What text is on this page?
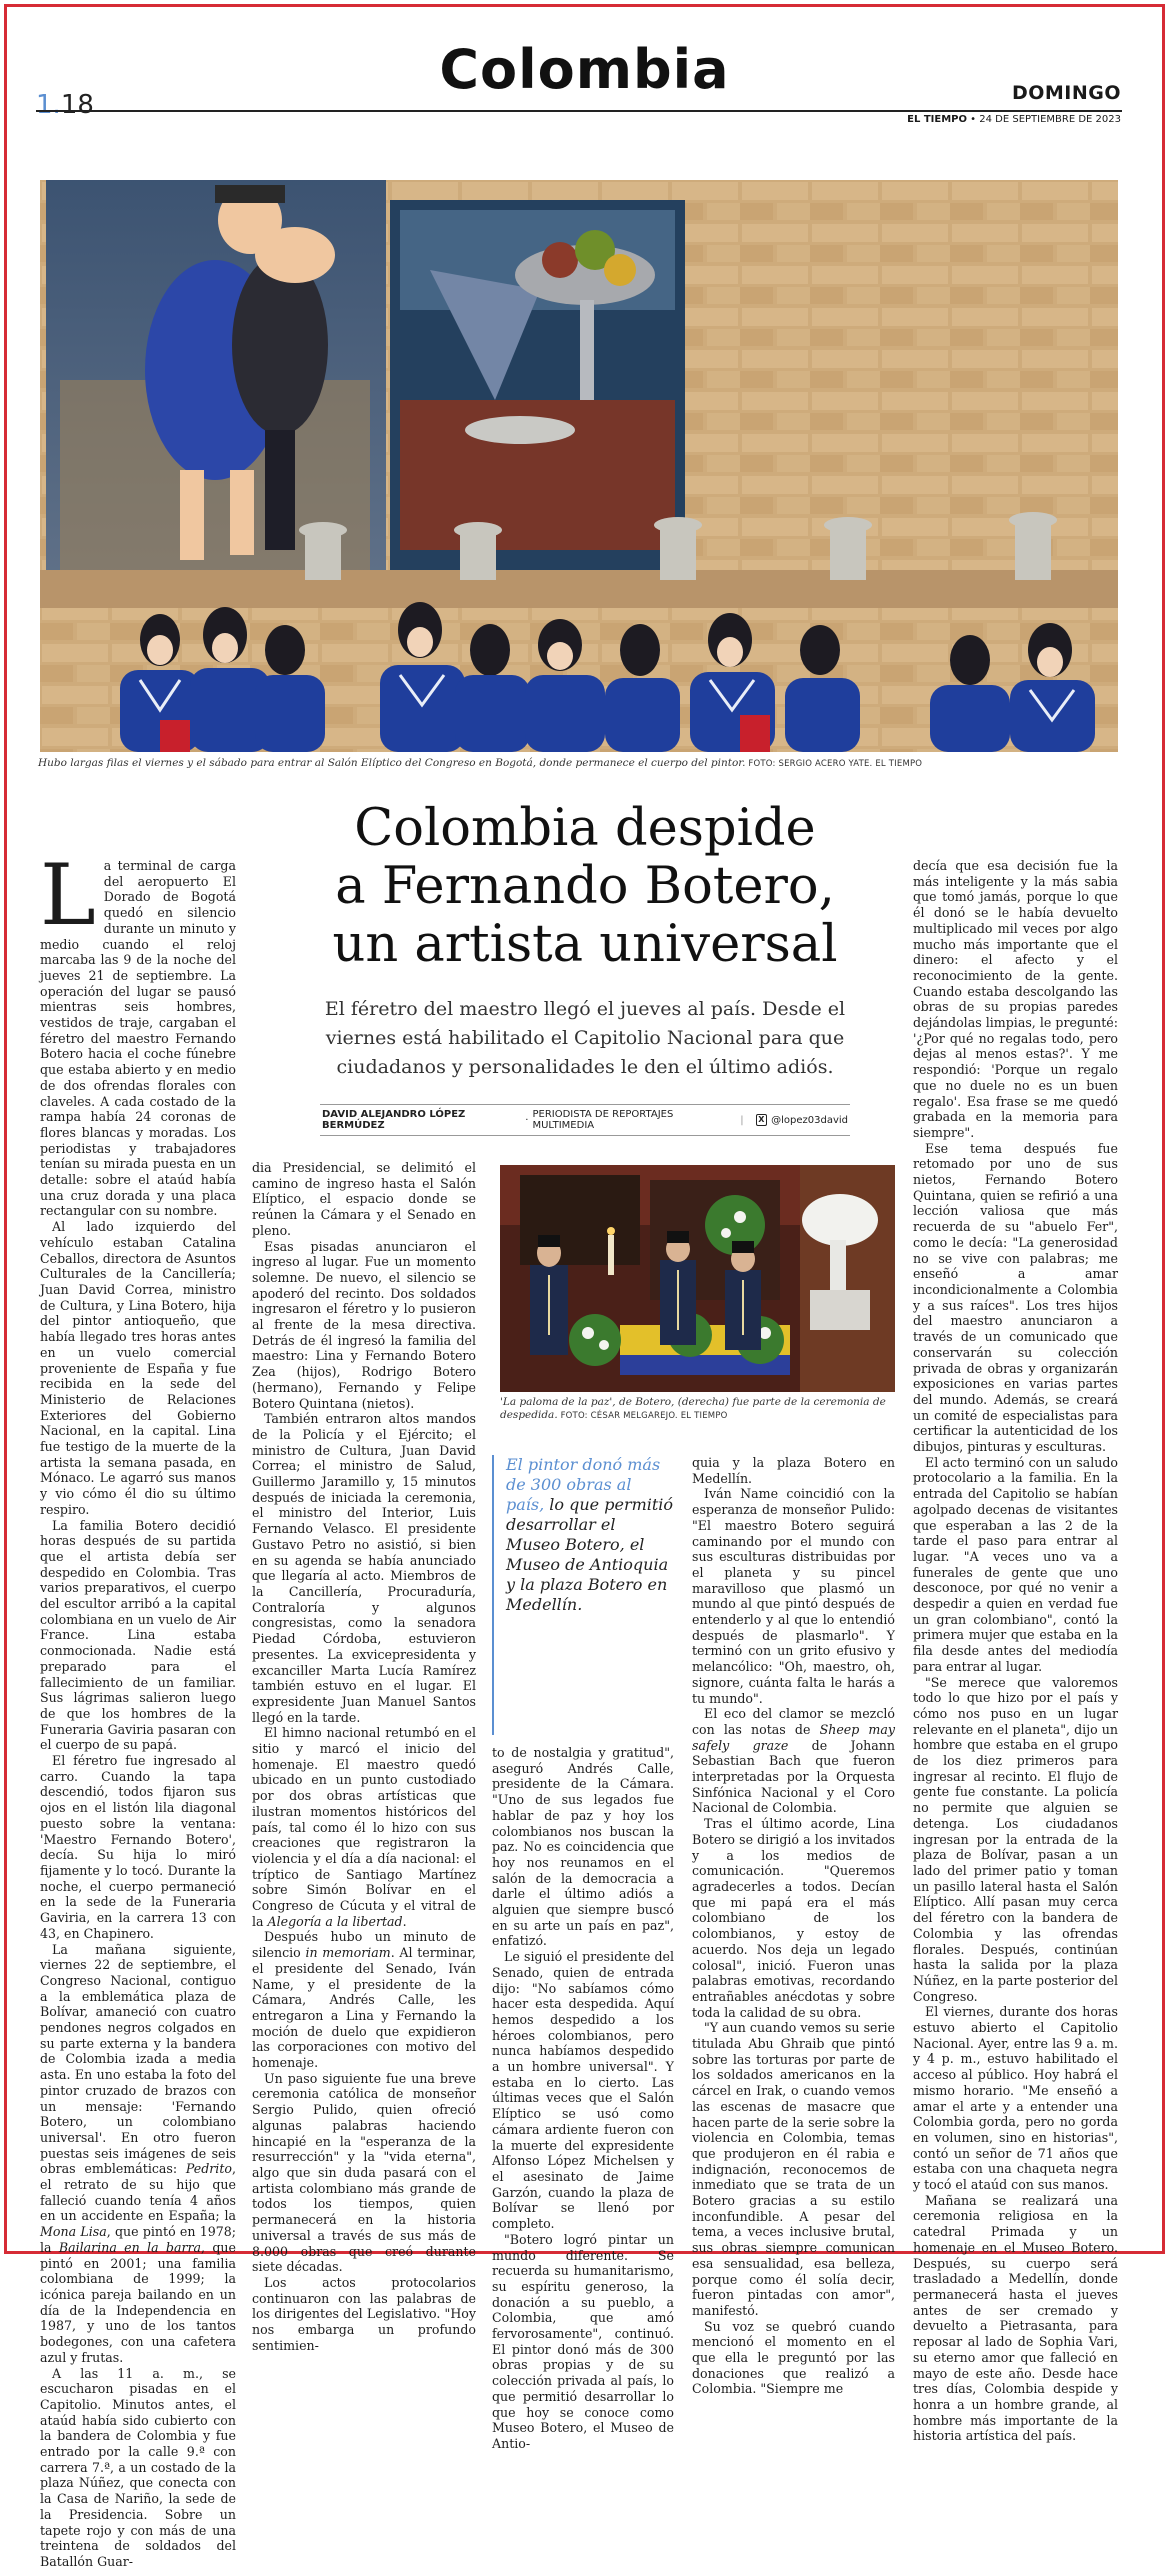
Colombia
1.18	DOMINGO
EL TIEMPO • 24 DE SEPTIEMBRE DE 2023
Hubo largas filas el viernes y el sábado para entrar al Salón Elíptico del Congreso en Bogotá, donde permanece el cuerpo del pintor. FOTO: SERGIO ACERO YATE. EL TIEMPO
Colombia despide
a Fernando Botero,
un artista universal
El féretro del maestro llegó el jueves al país. Desde el viernes está habilitado el Capitolio Nacional para que ciudadanos y personalidades le den el último adiós.
DAVID ALEJANDRO LÓPEZ BERMÚDEZ	· PERIODISTA DE REPORTAJES MULTIMEDIA	|	X @lopez03david

La terminal de carga del aeropuerto El Dorado de Bogotá quedó en silencio durante un minuto y medio cuando el reloj marcaba las 9 de la noche del jueves 21 de septiembre. La operación del lugar se pausó mientras seis hombres, vestidos de traje, cargaban el féretro del maestro Fernando Botero hacia el coche fúnebre que estaba abierto y en medio de dos ofrendas florales con claveles. A cada costado de la rampa había 24 coronas de flores blancas y moradas. Los periodistas y trabajadores tenían su mirada puesta en un detalle: sobre el ataúd había una cruz dorada y una placa rectangular con su nombre.

Al lado izquierdo del vehículo estaban Catalina Ceballos, directora de Asuntos Culturales de la Cancillería; Juan David Correa, ministro de Cultura, y Lina Botero, hija del pintor antioqueño, que había llegado tres horas antes en un vuelo comercial proveniente de España y fue recibida en la sede del Ministerio de Relaciones Exteriores del Gobierno Nacional, en la capital. Lina fue testigo de la muerte de la artista la semana pasada, en Mónaco. Le agarró sus manos y vio cómo él dio su último respiro.

La familia Botero decidió horas después de su partida que el artista debía ser despedido en Colombia. Tras varios preparativos, el cuerpo del escultor arribó a la capital colombiana en un vuelo de Air France. Lina estaba conmocionada. Nadie está preparado para el fallecimiento de un familiar. Sus lágrimas salieron luego de que los hombres de la Funeraria Gaviria pasaran con el cuerpo de su papá.

El féretro fue ingresado al carro. Cuando la tapa descendió, todos fijaron sus ojos en el listón lila diagonal puesto sobre la ventana: 'Maestro Fernando Botero', decía. Su hija lo miró fijamente y lo tocó. Durante la noche, el cuerpo permaneció en la sede de la Funeraria Gaviria, en la carrera 13 con 43, en Chapinero.

La mañana siguiente, viernes 22 de septiembre, el Congreso Nacional, contiguo a la emblemática plaza de Bolívar, amaneció con cuatro pendones negros colgados en su parte externa y la bandera de Colombia izada a media asta. En uno estaba la foto del pintor cruzado de brazos con un mensaje: 'Fernando Botero, un colombiano universal'. En otro fueron puestas seis imágenes de seis obras emblemáticas: Pedrito, el retrato de su hijo que falleció cuando tenía 4 años en un accidente en España; la Mona Lisa, que pintó en 1978; la Bailarina en la barra, que pintó en 2001; una familia colombiana de 1999; la icónica pareja bailando en un día de la Independencia en 1987, y uno de los tantos bodegones, con una cafetera azul y frutas.

A las 11 a. m., se escucharon pisadas en el Capitolio. Minutos antes, el ataúd había sido cubierto con la bandera de Colombia y fue entrado por la calle 9.ª con carrera 7.ª, a un costado de la plaza Núñez, que conecta con la Casa de Nariño, la sede de la Presidencia. Sobre un tapete rojo y con más de una treintena de soldados del Batallón Guar-

dia Presidencial, se delimitó el camino de ingreso hasta el Salón Elíptico, el espacio donde se reúnen la Cámara y el Senado en pleno.

Esas pisadas anunciaron el ingreso al lugar. Fue un momento solemne. De nuevo, el silencio se apoderó del recinto. Dos soldados ingresaron el féretro y lo pusieron al frente de la mesa directiva. Detrás de él ingresó la familia del maestro: Lina y Fernando Botero Zea (hijos), Rodrigo Botero (hermano), Fernando y Felipe Botero Quintana (nietos).

También entraron altos mandos de la Policía y el Ejército; el ministro de Cultura, Juan David Correa; el ministro de Salud, Guillermo Jaramillo y, 15 minutos después de iniciada la ceremonia, el ministro del Interior, Luis Fernando Velasco. El presidente Gustavo Petro no asistió, si bien en su agenda se había anunciado que llegaría al acto. Miembros de la Cancillería, Procuraduría, Contraloría y algunos congresistas, como la senadora Piedad Córdoba, estuvieron presentes. La exvicepresidenta y excanciller Marta Lucía Ramírez también estuvo en el lugar. El expresidente Juan Manuel Santos llegó en la tarde.

El himno nacional retumbó en el sitio y marcó el inicio del homenaje. El maestro quedó ubicado en un punto custodiado por dos obras artísticas que ilustran momentos históricos del país, tal como él lo hizo con sus creaciones que registraron la violencia y el día a día nacional: el tríptico de Santiago Martínez sobre Simón Bolívar en el Congreso de Cúcuta y el vitral de la Alegoría a la libertad.

Después hubo un minuto de silencio in memoriam. Al terminar, el presidente del Senado, Iván Name, y el presidente de la Cámara, Andrés Calle, les entregaron a Lina y Fernando la moción de duelo que expidieron las corporaciones con motivo del homenaje.

Un paso siguiente fue una breve ceremonia católica de monseñor Sergio Pulido, quien ofreció algunas palabras haciendo hincapié en la "esperanza de la resurrección" y la "vida eterna", algo que sin duda pasará con el artista colombiano más grande de todos los tiempos, quien permanecerá en la historia universal a través de sus más de 8.000 obras que creó durante siete décadas.

Los actos protocolarios continuaron con las palabras de los dirigentes del Legislativo. "Hoy nos embarga un profundo sentimien-

'La paloma de la paz', de Botero, (derecha) fue parte de la ceremonia de despedida. FOTO: CÉSAR MELGAREJO. EL TIEMPO
El pintor donó más de 300 obras al país, lo que permitió desarrollar el Museo Botero, el Museo de Antioquia y la plaza Botero en Medellín.

to de nostalgia y gratitud", aseguró Andrés Calle, presidente de la Cámara. "Uno de sus legados fue hablar de paz y hoy los colombianos nos buscan la paz. No es coincidencia que hoy nos reunamos en el salón de la democracia a darle el último adiós a alguien que siempre buscó en su arte un país en paz", enfatizó.

Le siguió el presidente del Senado, quien de entrada dijo: "No sabíamos cómo hacer esta despedida. Aquí hemos despedido a los héroes colombianos, pero nunca habíamos despedido a un hombre universal". Y estaba en lo cierto. Las últimas veces que el Salón Elíptico se usó como cámara ardiente fueron con la muerte del expresidente Alfonso López Michelsen y el asesinato de Jaime Garzón, cuando la plaza de Bolívar se llenó por completo.

"Botero logró pintar un mundo diferente. Se recuerda su humanitarismo, su espíritu generoso, la donación a su pueblo, a Colombia, que amó fervorosamente", continuó. El pintor donó más de 300 obras propias y de su colección privada al país, lo que permitió desarrollar lo que hoy se conoce como Museo Botero, el Museo de Antio-

quia y la plaza Botero en Medellín.

Iván Name coincidió con la esperanza de monseñor Pulido: "El maestro Botero seguirá caminando por el mundo con sus esculturas distribuidas por el planeta y su pincel maravilloso que plasmó un mundo al que pintó después de entenderlo y al que lo entendió después de plasmarlo". Y terminó con un grito efusivo y melancólico: "Oh, maestro, oh, signore, cuánta falta le harás a tu mundo".

El eco del clamor se mezcló con las notas de Sheep may safely graze de Johann Sebastian Bach que fueron interpretadas por la Orquesta Sinfónica Nacional y el Coro Nacional de Colombia.

Tras el último acorde, Lina Botero se dirigió a los invitados y a los medios de comunicación. "Queremos agradecerles a todos. Decían que mi papá era el más colombiano de los colombianos, y estoy de acuerdo. Nos deja un legado colosal", inició. Fueron unas palabras emotivas, recordando entrañables anécdotas y sobre toda la calidad de su obra.

"Y aun cuando vemos su serie titulada Abu Ghraib que pintó sobre las torturas por parte de los soldados americanos en la cárcel en Irak, o cuando vemos las escenas de masacre que hacen parte de la serie sobre la violencia en Colombia, temas que produjeron en él rabia e indignación, reconocemos de inmediato que se trata de un Botero gracias a su estilo inconfundible. A pesar del tema, a veces inclusive brutal, sus obras siempre comunican esa sensualidad, esa belleza, porque como él solía decir, fueron pintadas con amor", manifestó.

Su voz se quebró cuando mencionó el momento en el que ella le preguntó por las donaciones que realizó a Colombia. "Siempre me

decía que esa decisión fue la más inteligente y la más sabia que tomó jamás, porque lo que él donó se le había devuelto multiplicado mil veces por algo mucho más importante que el dinero: el afecto y el reconocimiento de la gente. Cuando estaba descolgando las obras de su propias paredes dejándolas limpias, le pregunté: '¿Por qué no regalas todo, pero dejas al menos estas?'. Y me respondió: 'Porque un regalo que no duele no es un buen regalo'. Esa frase se me quedó grabada en la memoria para siempre".

Ese tema después fue retomado por uno de sus nietos, Fernando Botero Quintana, quien se refirió a una lección valiosa que más recuerda de su "abuelo Fer", como le decía: "La generosidad no se vive con palabras; me enseñó a amar incondicionalmente a Colombia y a sus raíces". Los tres hijos del maestro anunciaron a través de un comunicado que conservarán su colección privada de obras y organizarán exposiciones en varias partes del mundo. Además, se creará un comité de especialistas para certificar la autenticidad de los dibujos, pinturas y esculturas.

El acto terminó con un saludo protocolario a la familia. En la entrada del Capitolio se habían agolpado decenas de visitantes que esperaban a las 2 de la tarde el paso para entrar al lugar. "A veces uno va a funerales de gente que uno desconoce, por qué no venir a despedir a quien en verdad fue un gran colombiano", contó la primera mujer que estaba en la fila desde antes del mediodía para entrar al lugar.

"Se merece que valoremos todo lo que hizo por el país y cómo nos puso en un lugar relevante en el planeta", dijo un hombre que estaba en el grupo de los diez primeros para ingresar al recinto. El flujo de gente fue constante. La policía no permite que alguien se detenga. Los ciudadanos ingresan por la entrada de la plaza de Bolívar, pasan a un lado del primer patio y toman un pasillo lateral hasta el Salón Elíptico. Allí pasan muy cerca del féretro con la bandera de Colombia y las ofrendas florales. Después, continúan hasta la salida por la plaza Núñez, en la parte posterior del Congreso.

El viernes, durante dos horas estuvo abierto el Capitolio Nacional. Ayer, entre las 9 a. m. y 4 p. m., estuvo habilitado el acceso al público. Hoy habrá el mismo horario. "Me enseñó a amar el arte y a entender una Colombia gorda, pero no gorda en volumen, sino en historias", contó un señor de 71 años que estaba con una chaqueta negra y tocó el ataúd con sus manos.

Mañana se realizará una ceremonia religiosa en la catedral Primada y un homenaje en el Museo Botero. Después, su cuerpo será trasladado a Medellín, donde permanecerá hasta el jueves antes de ser cremado y devuelto a Pietrasanta, para reposar al lado de Sophia Vari, su eterno amor que falleció en mayo de este año. Desde hace tres días, Colombia despide y honra a un hombre grande, al hombre más importante de la historia artística del país.
